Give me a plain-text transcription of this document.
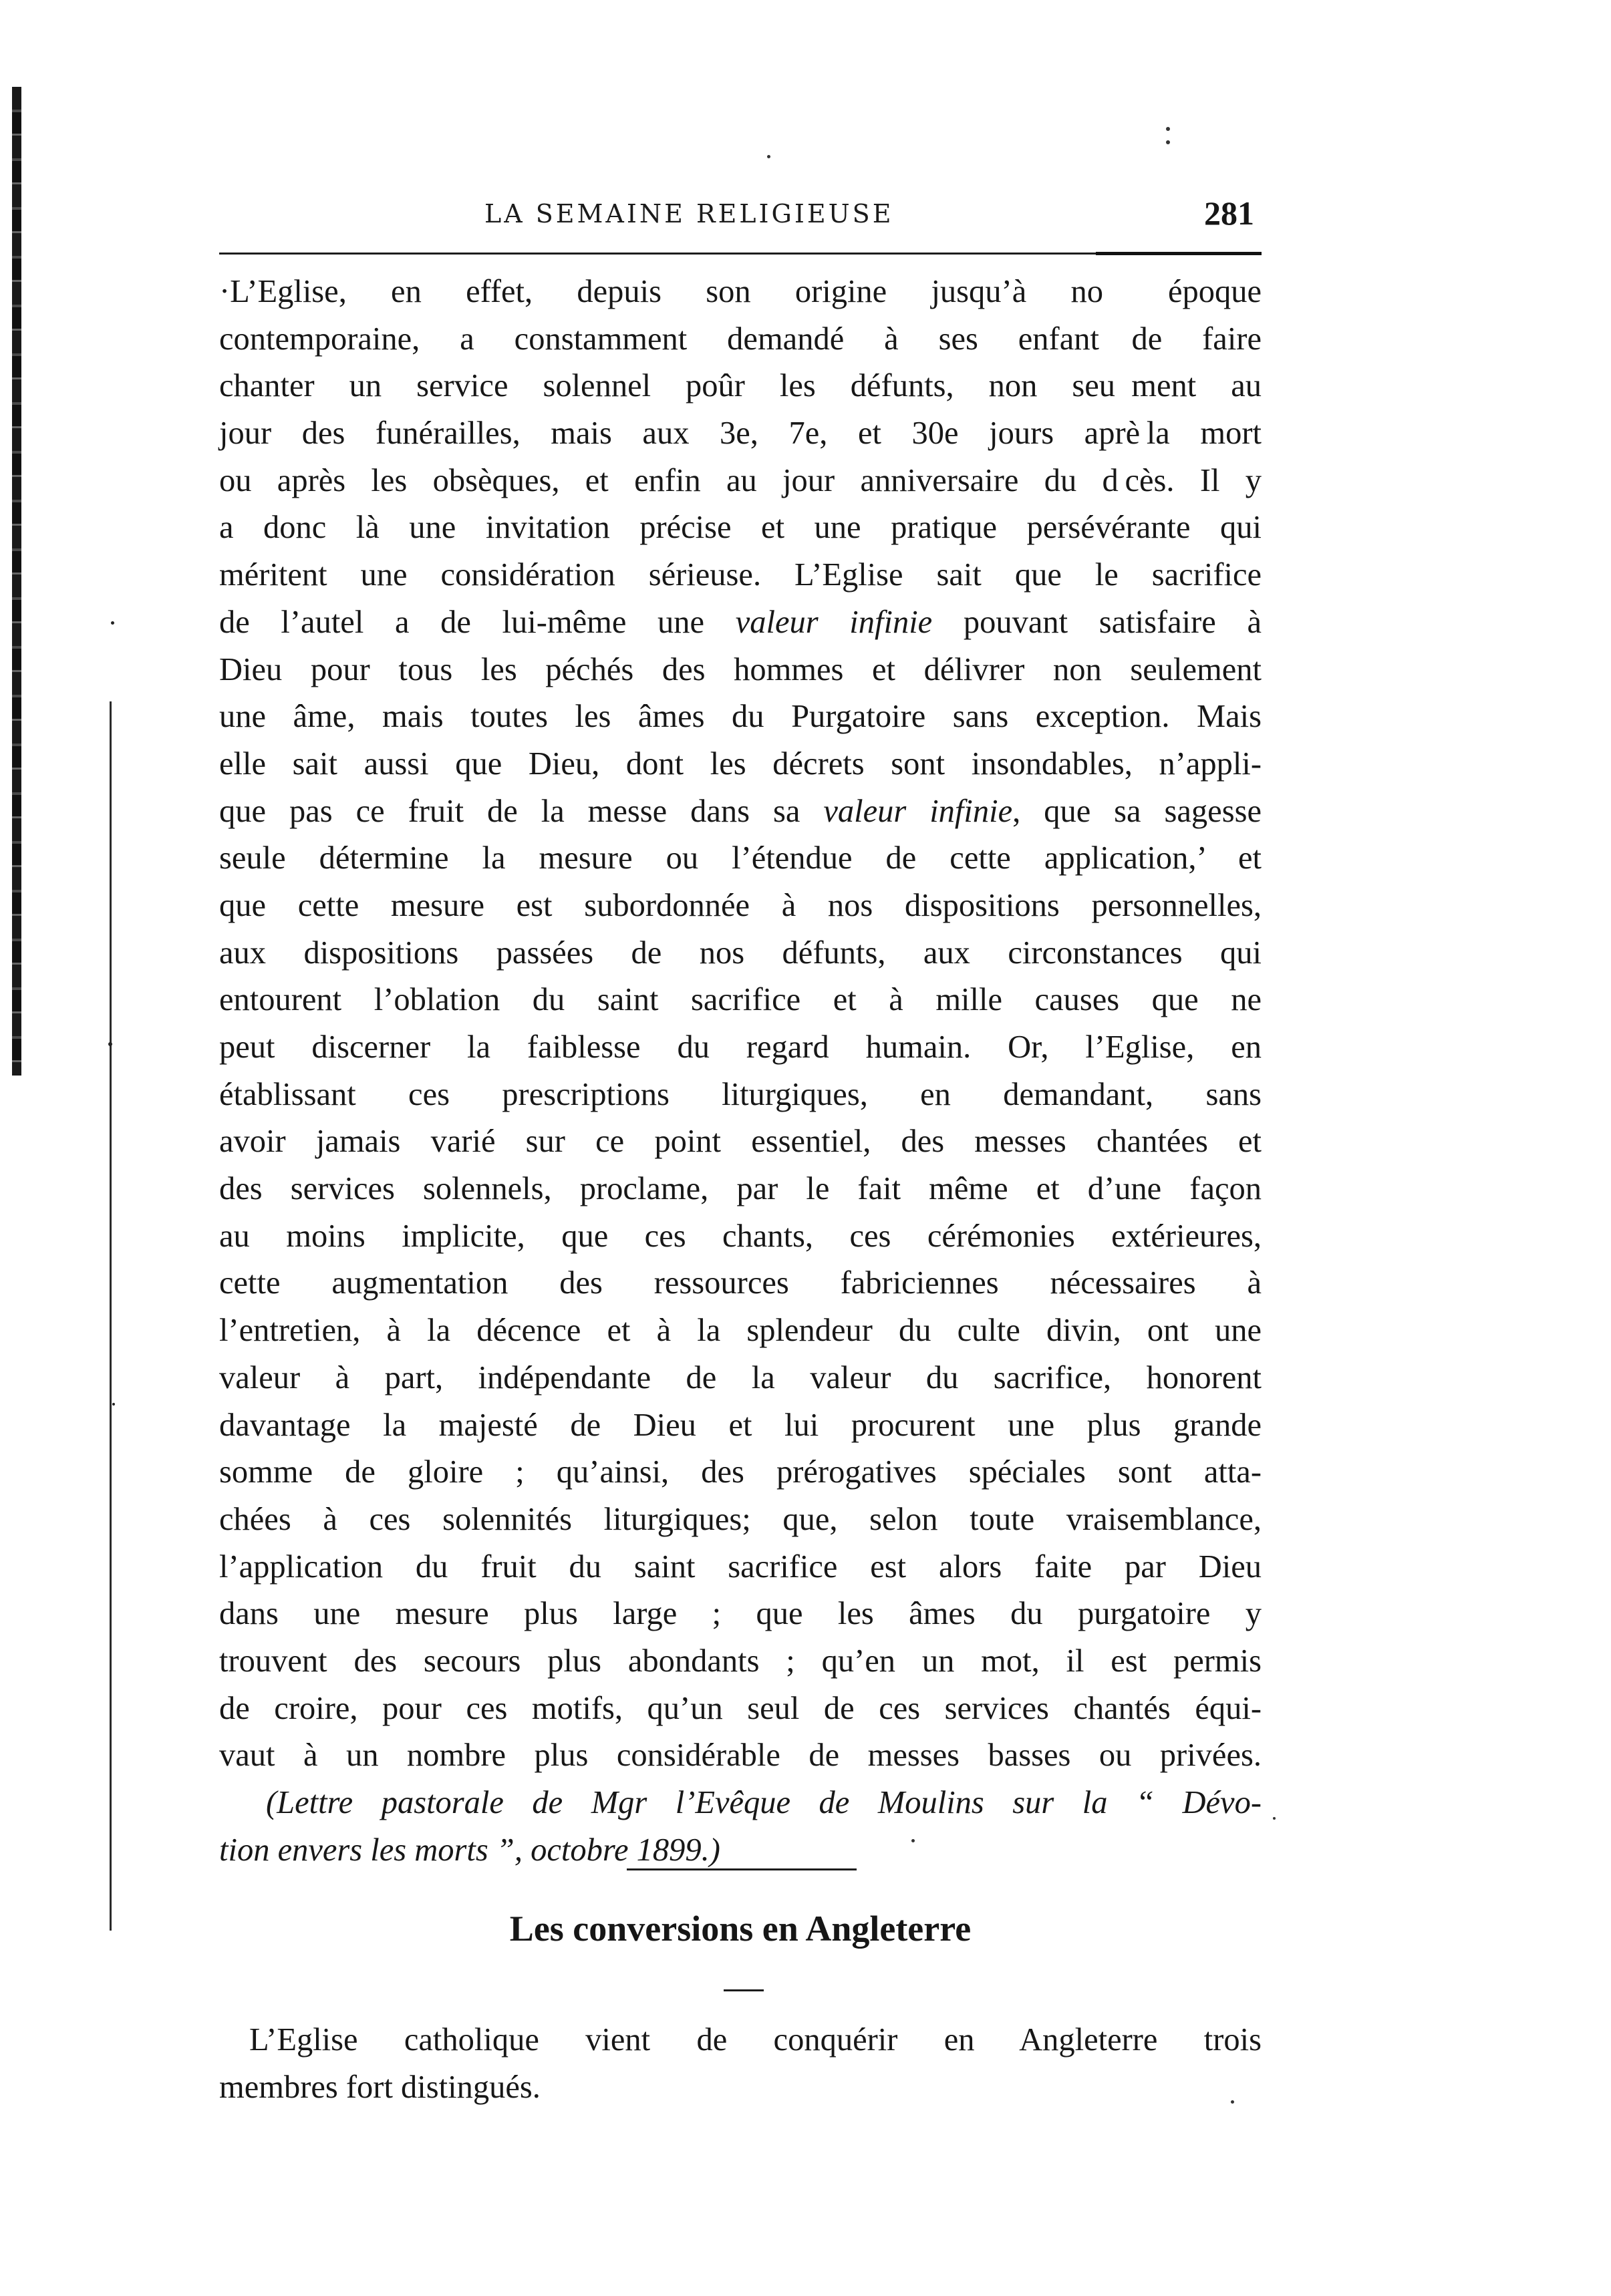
LA SEMAINE RELIGIEUSE	281
·L’Eglise, en effet, depuis son origine jusqu’à no  époque
contemporaine, a constamment demandé à ses enfant de faire
chanter un service solennel poûr les défunts, non seu ment au
jour des funérailles, mais aux 3e, 7e, et 30e jours aprè la mort
ou après les obsèques, et enfin au jour anniversaire du d cès. Il y
a donc là une invitation précise et une pratique persévérante qui
méritent une considération sérieuse. L’Eglise sait que le sacrifice
de l’autel a de lui-même une valeur infinie pouvant satisfaire à
Dieu pour tous les péchés des hommes et délivrer non seulement
une âme, mais toutes les âmes du Purgatoire sans exception. Mais
elle sait aussi que Dieu, dont les décrets sont insondables, n’appli-
que pas ce fruit de la messe dans sa valeur infinie, que sa sagesse
seule détermine la mesure ou l’étendue de cette application,’ et
que cette mesure est subordonnée à nos dispositions personnelles,
aux dispositions passées de nos défunts, aux circonstances qui
entourent l’oblation du saint sacrifice et à mille causes que ne
peut discerner la faiblesse du regard humain. Or, l’Eglise, en
établissant ces prescriptions liturgiques, en demandant, sans
avoir jamais varié sur ce point essentiel, des messes chantées et
des services solennels, proclame, par le fait même et d’une façon
au moins implicite, que ces chants, ces cérémonies extérieures,
cette augmentation des ressources fabriciennes nécessaires à
l’entretien, à la décence et à la splendeur du culte divin, ont une
valeur à part, indépendante de la valeur du sacrifice, honorent
davantage la majesté de Dieu et lui procurent une plus grande
somme de gloire ; qu’ainsi, des prérogatives spéciales sont atta-
chées à ces solennités liturgiques; que, selon toute vraisemblance,
l’application du fruit du saint sacrifice est alors faite par Dieu
dans une mesure plus large ; que les âmes du purgatoire y
trouvent des secours plus abondants ; qu’en un mot, il est permis
de croire, pour ces motifs, qu’un seul de ces services chantés équi-
vaut à un nombre plus considérable de messes basses ou privées.
(Lettre pastorale de Mgr l’Evêque de Moulins sur la “ Dévo-
tion envers les morts ”, octobre 1899.)
Les conversions en Angleterre
L’Eglise catholique vient de conquérir en Angleterre trois
membres fort distingués.
